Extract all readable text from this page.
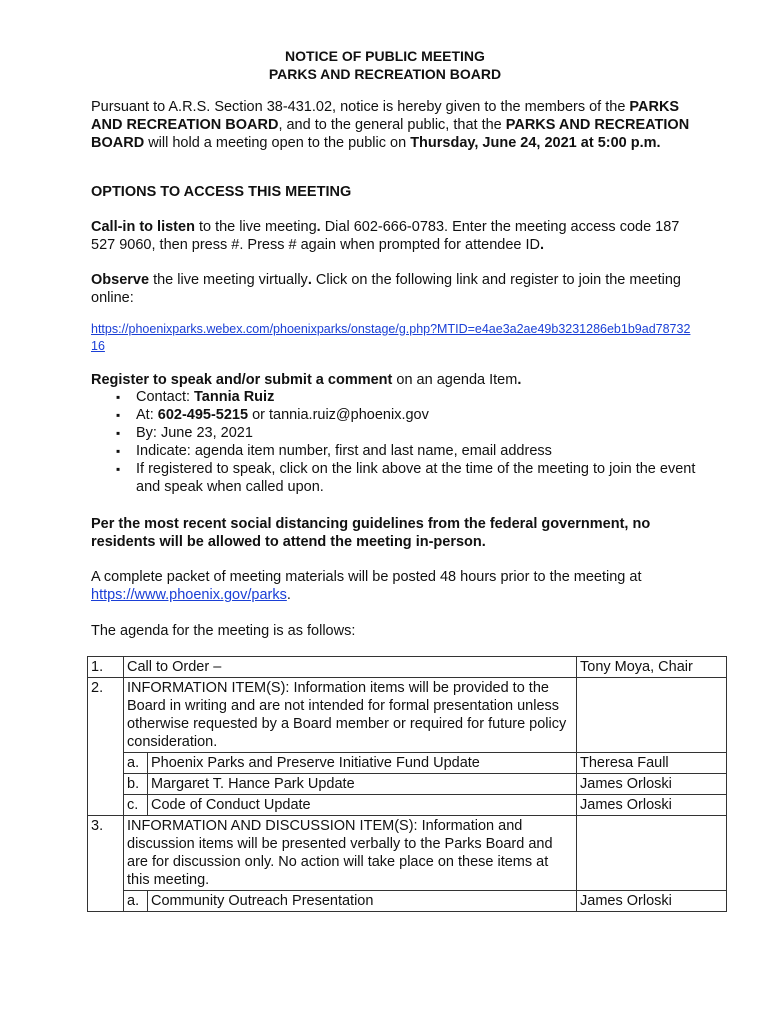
NOTICE OF PUBLIC MEETING
PARKS AND RECREATION BOARD
Pursuant to A.R.S. Section 38-431.02, notice is hereby given to the members of the PARKS AND RECREATION BOARD, and to the general public, that the PARKS AND RECREATION BOARD will hold a meeting open to the public on Thursday, June 24, 2021 at 5:00 p.m.
OPTIONS TO ACCESS THIS MEETING
Call-in to listen to the live meeting. Dial 602-666-0783. Enter the meeting access code 187 527 9060, then press #. Press # again when prompted for attendee ID.
Observe the live meeting virtually. Click on the following link and register to join the meeting online:
https://phoenixparks.webex.com/phoenixparks/onstage/g.php?MTID=e4ae3a2ae49b3231286eb1b9ad7873216
Register to speak and/or submit a comment on an agenda Item.
▪ Contact: Tannia Ruiz
▪ At: 602-495-5215 or tannia.ruiz@phoenix.gov
▪ By: June 23, 2021
▪ Indicate: agenda item number, first and last name, email address
▪ If registered to speak, click on the link above at the time of the meeting to join the event and speak when called upon.
Per the most recent social distancing guidelines from the federal government, no residents will be allowed to attend the meeting in-person.
A complete packet of meeting materials will be posted 48 hours prior to the meeting at https://www.phoenix.gov/parks.
The agenda for the meeting is as follows:
1.	Call to Order –		Tony Moya, Chair
2.	INFORMATION ITEM(S): Information items will be provided to the Board in writing and are not intended for formal presentation unless otherwise requested by a Board member or required for future policy consideration.		
	a.	Phoenix Parks and Preserve Initiative Fund Update	Theresa Faull
	b.	Margaret T. Hance Park Update	James Orloski
	c.	Code of Conduct Update	James Orloski
3.	INFORMATION AND DISCUSSION ITEM(S): Information and discussion items will be presented verbally to the Parks Board and are for discussion only. No action will take place on these items at this meeting.		
	a.	Community Outreach Presentation	James Orloski
